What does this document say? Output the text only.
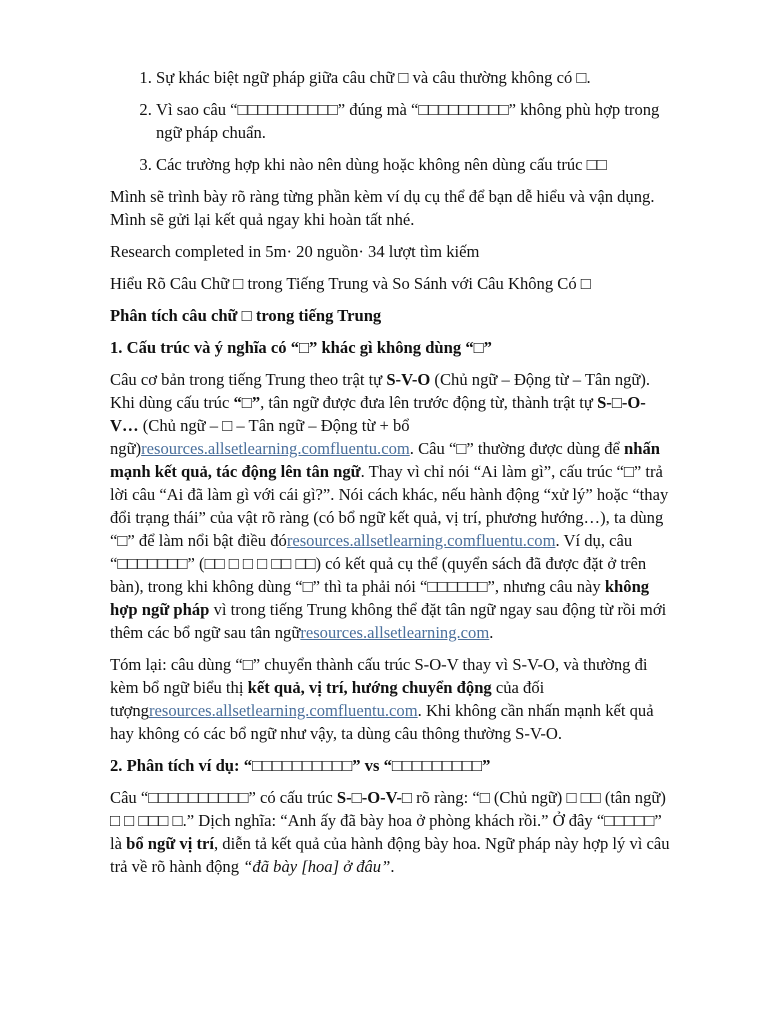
1. Sự khác biệt ngữ pháp giữa câu chữ □ và câu thường không có □.
2. Vì sao câu “□□□□□□□□□□” đúng mà “□□□□□□□□□” không phù hợp trong ngữ pháp chuẩn.
3. Các trường hợp khi nào nên dùng hoặc không nên dùng cấu trúc □□

Mình sẽ trình bày rõ ràng từng phần kèm ví dụ cụ thể để bạn dễ hiểu và vận dụng.

Mình sẽ gửi lại kết quả ngay khi hoàn tất nhé.

Research completed in 5m· 20 nguồn· 34 lượt tìm kiếm

Hiểu Rõ Câu Chữ □ trong Tiếng Trung và So Sánh với Câu Không Có □

Phân tích câu chữ □ trong tiếng Trung

1. Cấu trúc và ý nghĩa có “□” khác gì không dùng “□”

Câu cơ bản trong tiếng Trung theo trật tự S-V-O (Chủ ngữ – Động từ – Tân ngữ). Khi dùng cấu trúc “□”, tân ngữ được đưa lên trước động từ, thành trật tự S-□-O-V… (Chủ ngữ – □ – Tân ngữ – Động từ + bổ ngữ)resources.allsetlearning.comfluentu.com. Câu “□” thường được dùng để nhấn mạnh kết quả, tác động lên tân ngữ. Thay vì chỉ nói “Ai làm gì”, cấu trúc “□” trả lời câu “Ai đã làm gì với cái gì?”. Nói cách khác, nếu hành động “xử lý” hoặc “thay đổi trạng thái” của vật rõ ràng (có bổ ngữ kết quả, vị trí, phương hướng…), ta dùng “□” để làm nổi bật điều đóresources.allsetlearning.comfluentu.com. Ví dụ, câu “□□□□□□□” (□□ □ □ □ □□ □□) có kết quả cụ thể (quyển sách đã được đặt ở trên bàn), trong khi không dùng “□” thì ta phải nói “□□□□□□”, nhưng câu này không hợp ngữ pháp vì trong tiếng Trung không thể đặt tân ngữ ngay sau động từ rồi mới thêm các bổ ngữ sau tân ngữresources.allsetlearning.com.

Tóm lại: câu dùng “□” chuyển thành cấu trúc S-O-V thay vì S-V-O, và thường đi kèm bổ ngữ biểu thị kết quả, vị trí, hướng chuyển động của đối tượngresources.allsetlearning.comfluentu.com. Khi không cần nhấn mạnh kết quả hay không có các bổ ngữ như vậy, ta dùng câu thông thường S-V-O.

2. Phân tích ví dụ: “□□□□□□□□□□” vs “□□□□□□□□□”

Câu “□□□□□□□□□□” có cấu trúc S-□-O-V-□ rõ ràng: “□ (Chủ ngữ) □ □□ (tân ngữ) □ □ □□□ □.” Dịch nghĩa: “Anh ấy đã bày hoa ở phòng khách rồi.” Ở đây “□□□□□” là bổ ngữ vị trí, diễn tả kết quả của hành động bày hoa. Ngữ pháp này hợp lý vì câu trả về rõ hành động “đã bày [hoa] ở đâu”.
